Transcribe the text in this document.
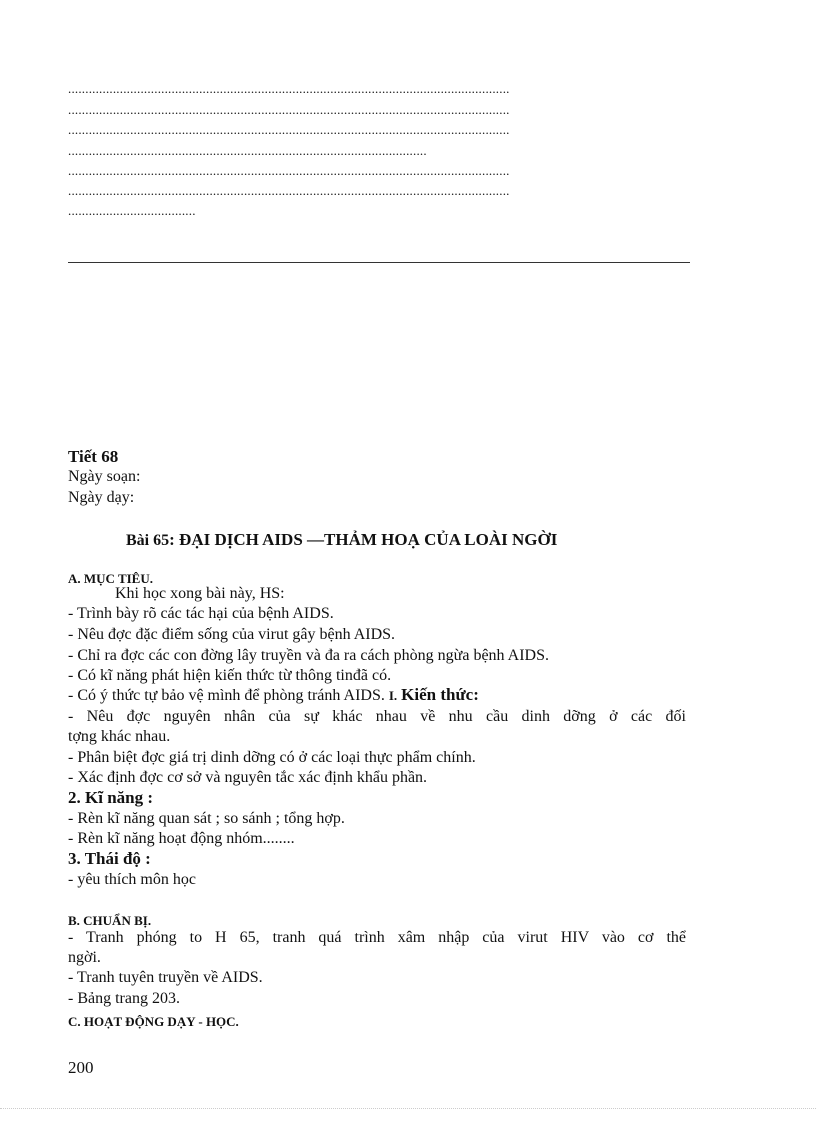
................................................................................................................................
................................................................................................................................
................................................................................................................................
........................................................................................................
................................................................................................................................
................................................................................................................................
.....................................
Tiết 68
Ngày soạn:
Ngày dạy:
Bài 65: ĐẠI DỊCH AIDS —THẢM HOẠ CỦA LOÀI NGỜI
A. MỤC TIÊU.
Khi học xong bài này, HS:
- Trình bày rõ các tác hại của bệnh AIDS.
- Nêu đợc đặc điểm sống của virut gây bệnh AIDS.
- Chỉ ra đợc các con đờng lây truyền và đa ra cách phòng ngừa bệnh AIDS.
- Có kĩ năng phát hiện kiến thức từ thông tinđã có.
- Có ý thức tự bảo vệ mình để phòng tránh AIDS. I. Kiến thức:
- Nêu đợc nguyên nhân của sự khác nhau về nhu cầu dinh dỡng ở các đối
tợng khác nhau.
- Phân biệt đợc giá trị dinh dỡng có ở các loại thực phẩm chính.
- Xác định đợc cơ sở và nguyên tắc xác định khẩu phần.
2. Kĩ năng :
- Rèn kĩ năng quan sát ; so sánh ; tổng hợp.
- Rèn kĩ năng hoạt động nhóm........
3. Thái độ :
- yêu thích môn học
B. CHUẨN BỊ.
- Tranh phóng to H 65, tranh quá trình xâm nhập của virut HIV vào cơ thể
ngời.
- Tranh tuyên truyền về AIDS.
- Bảng trang 203.
C. HOẠT ĐỘNG DẠY - HỌC.
200
